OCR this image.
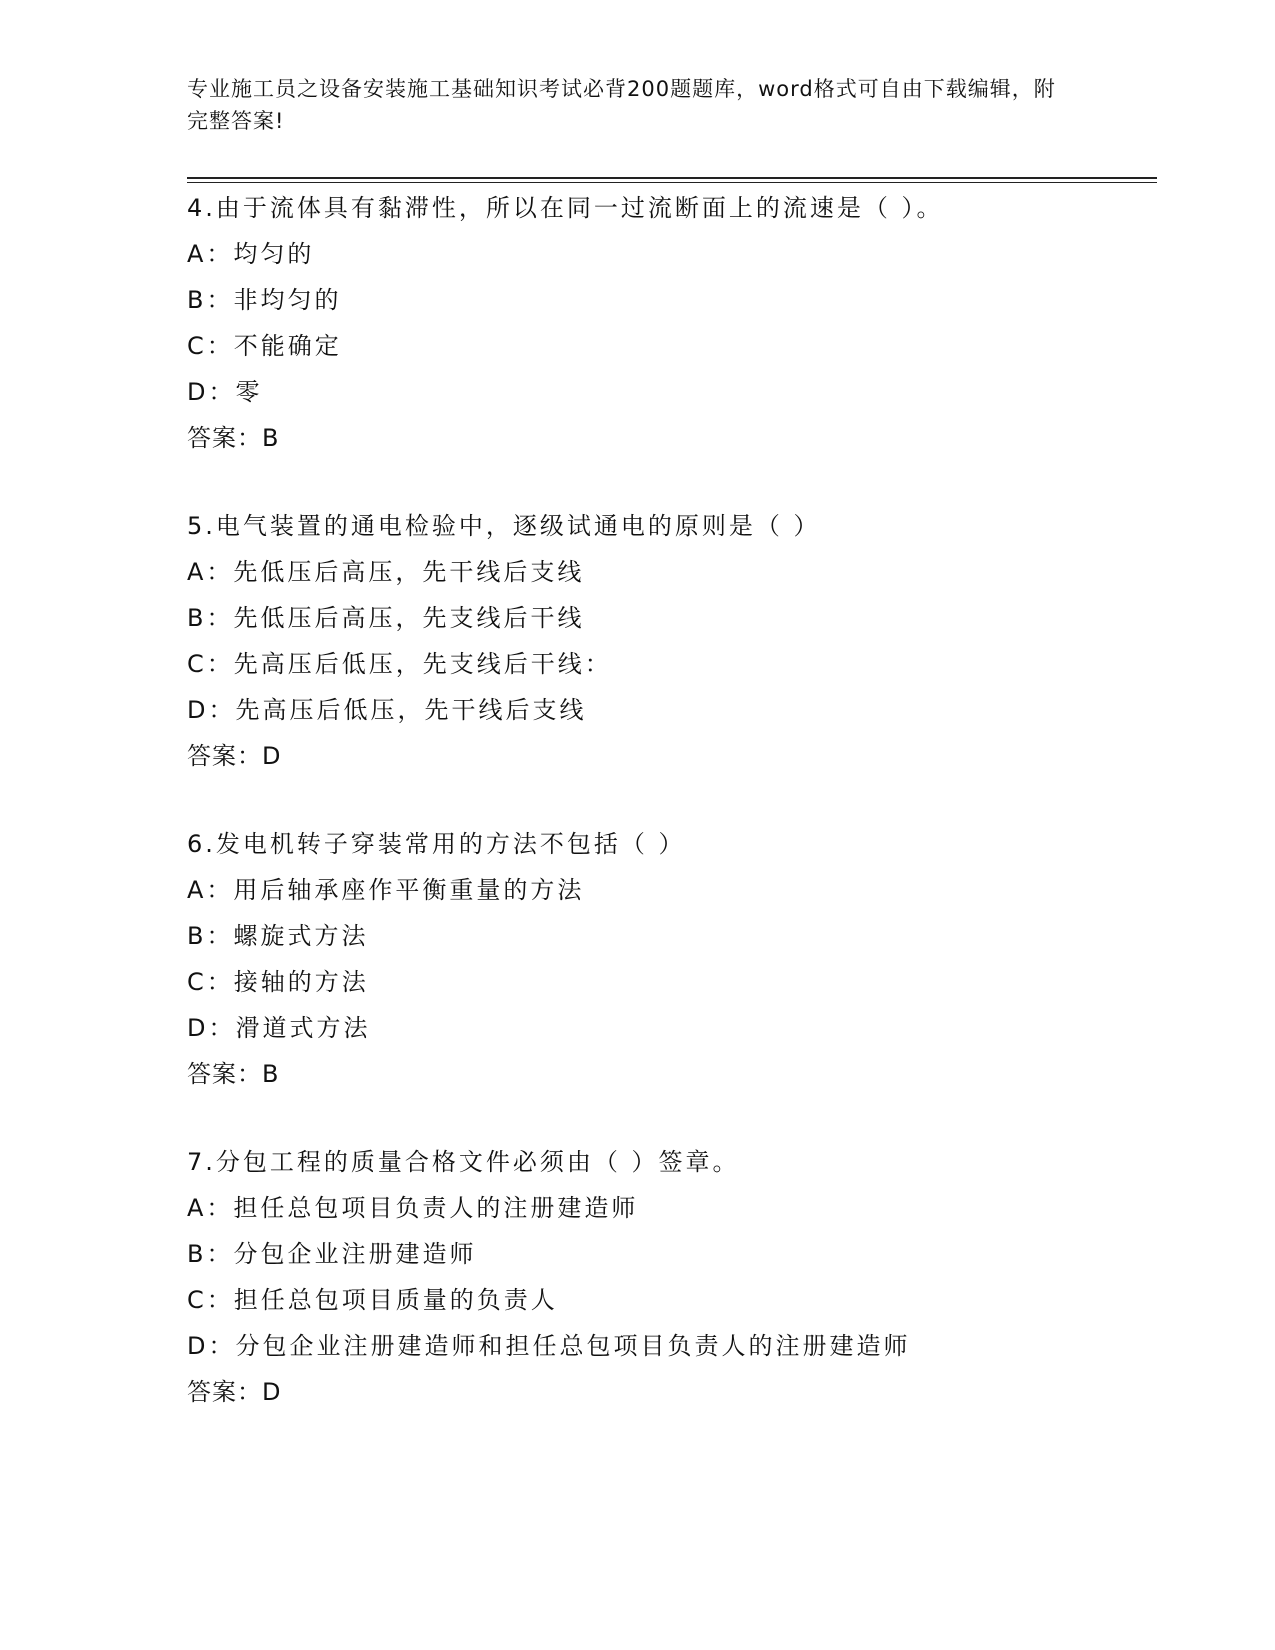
专业施工员之设备安装施工基础知识考试必背200题题库，word格式可自由下载编辑，附完整答案!
4.由于流体具有黏滞性，所以在同一过流断面上的流速是（ ）。
A：均匀的
B：非均匀的
C：不能确定
D：零
答案：B
5.电气装置的通电检验中，逐级试通电的原则是（ ）
A：先低压后高压，先干线后支线
B：先低压后高压，先支线后干线
C：先高压后低压，先支线后干线：
D：先高压后低压，先干线后支线
答案：D
6.发电机转子穿装常用的方法不包括（ ）
A：用后轴承座作平衡重量的方法
B：螺旋式方法
C：接轴的方法
D：滑道式方法
答案：B
7.分包工程的质量合格文件必须由（ ）签章。
A：担任总包项目负责人的注册建造师
B：分包企业注册建造师
C：担任总包项目质量的负责人
D：分包企业注册建造师和担任总包项目负责人的注册建造师
答案：D
